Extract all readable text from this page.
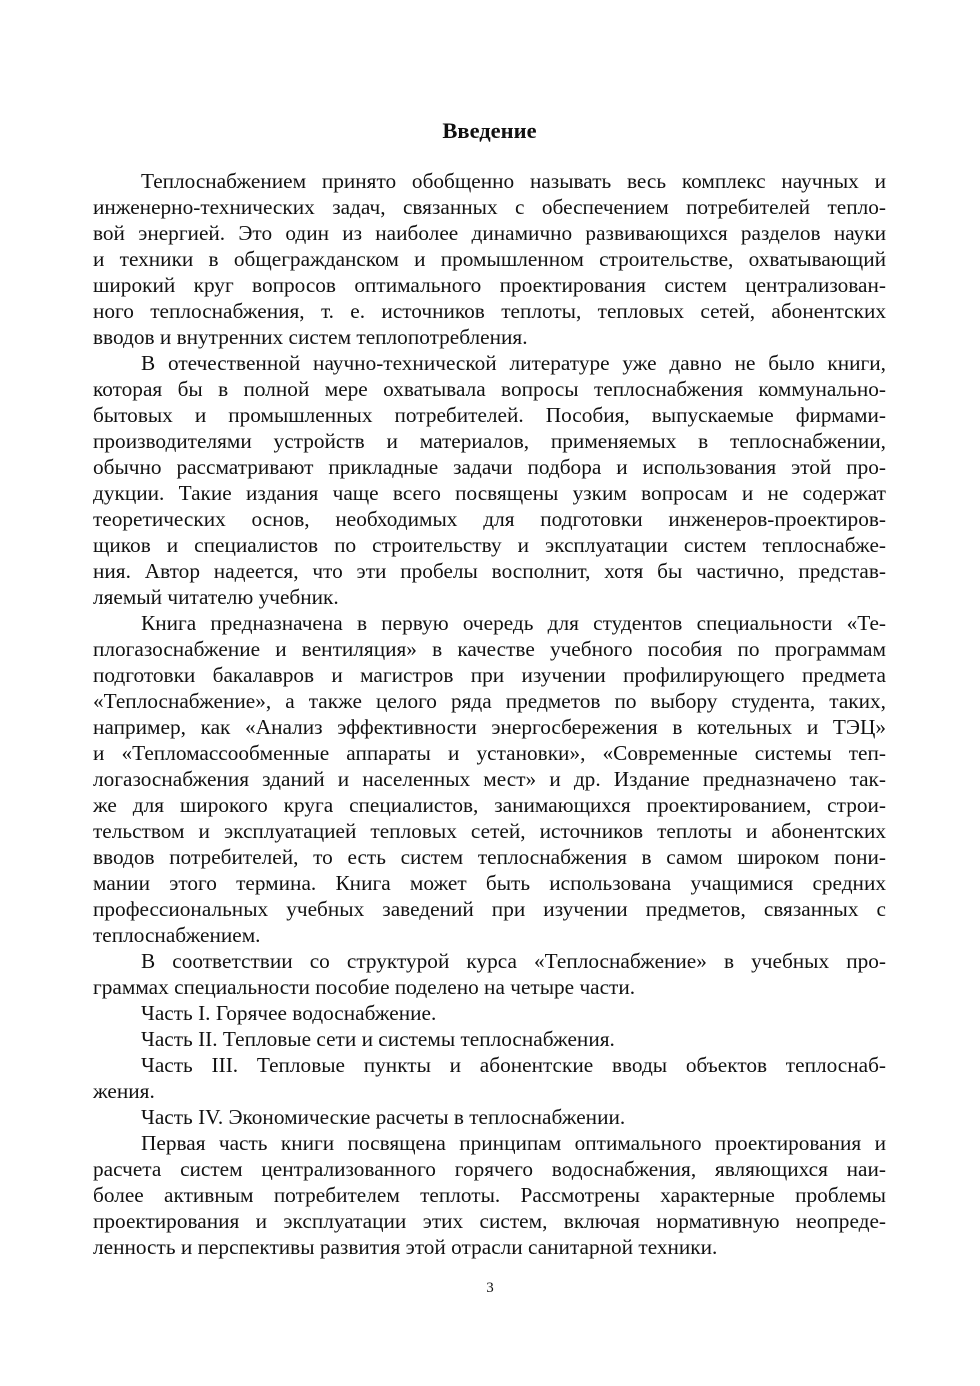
Введение
Теплоснабжением принято обобщенно называть весь комплекс научных и
инженерно-технических задач, связанных с обеспечением потребителей тепло-
вой энергией. Это один из наиболее динамично развивающихся разделов науки
и техники в общегражданском и промышленном строительстве, охватывающий
широкий круг вопросов оптимального проектирования систем централизован-
ного теплоснабжения, т. е. источников теплоты, тепловых сетей, абонентских
вводов и внутренних систем теплопотребления.
В отечественной научно-технической литературе уже давно не было книги,
которая бы в полной мере охватывала вопросы теплоснабжения коммунально-
бытовых и промышленных потребителей. Пособия, выпускаемые фирмами-
производителями устройств и материалов, применяемых в теплоснабжении,
обычно рассматривают прикладные задачи подбора и использования этой про-
дукции. Такие издания чаще всего посвящены узким вопросам и не содержат
теоретических основ, необходимых для подготовки инженеров-проектиров-
щиков и специалистов по строительству и эксплуатации систем теплоснабже-
ния. Автор надеется, что эти пробелы восполнит, хотя бы частично, представ-
ляемый читателю учебник.
Книга предназначена в первую очередь для студентов специальности «Те-
плогазоснабжение и вентиляция» в качестве учебного пособия по программам
подготовки бакалавров и магистров при изучении профилирующего предмета
«Теплоснабжение», а также целого ряда предметов по выбору студента, таких,
например, как «Анализ эффективности энергосбережения в котельных и ТЭЦ»
и «Тепломассообменные аппараты и установки», «Современные системы теп-
логазоснабжения зданий и населенных мест» и др. Издание предназначено так-
же для широкого круга специалистов, занимающихся проектированием, строи-
тельством и эксплуатацией тепловых сетей, источников теплоты и абонентских
вводов потребителей, то есть систем теплоснабжения в самом широком пони-
мании этого термина. Книга может быть использована учащимися средних
профессиональных учебных заведений при изучении предметов, связанных с
теплоснабжением.
В соответствии со структурой курса «Теплоснабжение» в учебных про-
граммах специальности пособие поделено на четыре части.
Часть I. Горячее водоснабжение.
Часть II. Тепловые сети и системы теплоснабжения.
Часть III. Тепловые пункты и абонентские вводы объектов теплоснаб-
жения.
Часть IV. Экономические расчеты в теплоснабжении.
Первая часть книги посвящена принципам оптимального проектирования и
расчета систем централизованного горячего водоснабжения, являющихся наи-
более активным потребителем теплоты. Рассмотрены характерные проблемы
проектирования и эксплуатации этих систем, включая нормативную неопреде-
ленность и перспективы развития этой отрасли санитарной техники.
3
